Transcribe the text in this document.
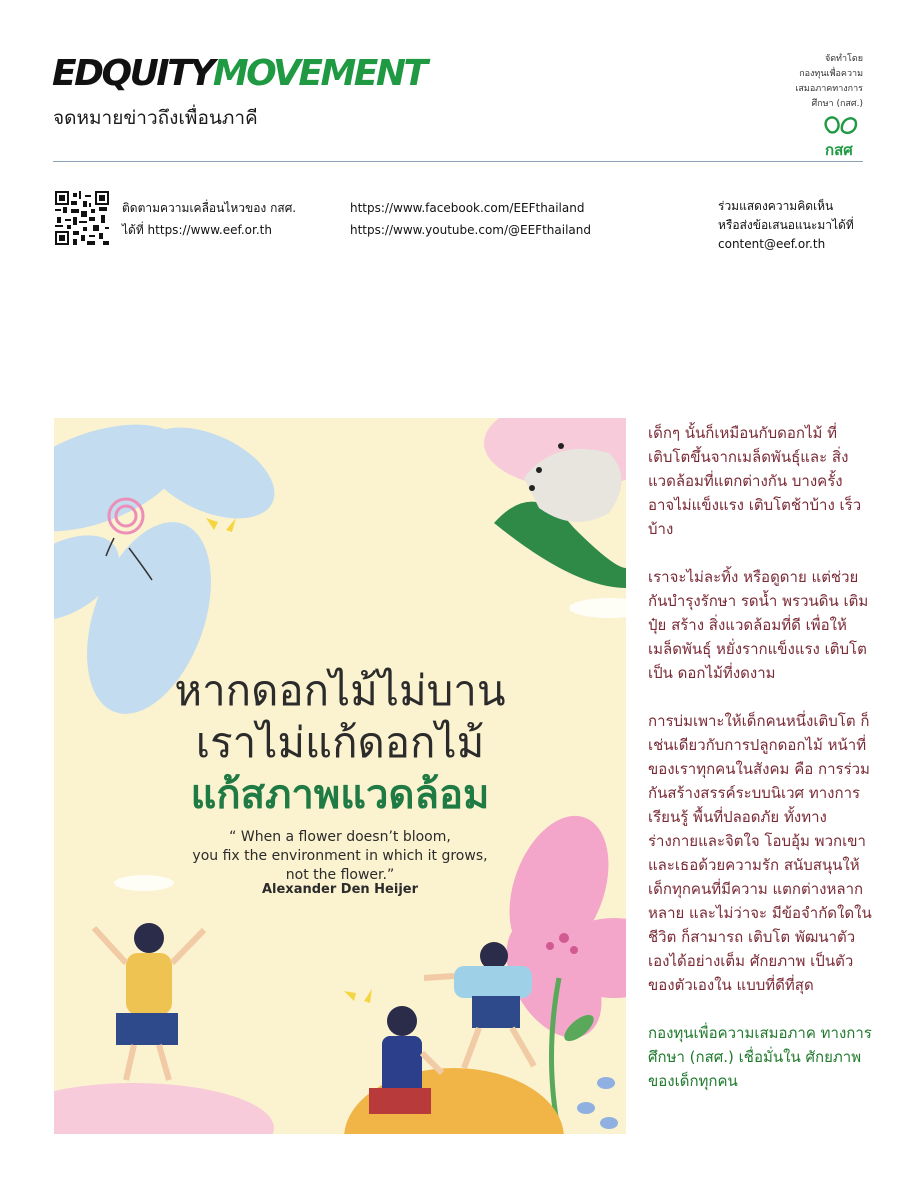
EDQUITYMOVEMENT
จดหมายข่าวถึงเพื่อนภาคี
จัดทำโดย
กองทุนเพื่อความ
เสมอภาคทางการ
ศึกษา (กสศ.)
กสศ
ติดตามความเคลื่อนไหวของ กสศ.
ได้ที่ https://www.eef.or.th
https://www.facebook.com/EEFthailand
https://www.youtube.com/@EEFthailand
ร่วมแสดงความคิดเห็น
หรือส่งข้อเสนอแนะมาได้ที่
content@eef.or.th
หากดอกไม้ไม่บาน
เราไม่แก้ดอกไม้
แก้สภาพแวดล้อม
“ When a flower doesn’t bloom,
you fix the environment in which it grows,
not the flower.”
Alexander Den Heijer

เด็กๆ นั้นก็เหมือนกับดอกไม้ ที่เติบโตขึ้นจากเมล็ดพันธุ์และ สิ่งแวดล้อมที่แตกต่างกัน บางครั้ง อาจไม่แข็งแรง เติบโตช้าบ้าง เร็วบ้าง

เราจะไม่ละทิ้ง หรือดูดาย แต่ช่วยกันบำรุงรักษา รดน้ำ พรวนดิน เติมปุ๋ย สร้าง สิ่งแวดล้อมที่ดี เพื่อให้เมล็ดพันธุ์ หยั่งรากแข็งแรง เติบโตเป็น ดอกไม้ที่งดงาม

การบ่มเพาะให้เด็กคนหนึ่งเติบโต ก็เช่นเดียวกับการปลูกดอกไม้ หน้าที่ของเราทุกคนในสังคม คือ การร่วมกันสร้างสรรค์ระบบนิเวศ ทางการเรียนรู้ พื้นที่ปลอดภัย ทั้งทางร่างกายและจิตใจ โอบอุ้ม พวกเขาและเธอด้วยความรัก สนับสนุนให้เด็กทุกคนที่มีความ แตกต่างหลากหลาย และไม่ว่าจะ มีข้อจำกัดใดในชีวิต ก็สามารถ เติบโต พัฒนาตัวเองได้อย่างเต็ม ศักยภาพ เป็นตัวของตัวเองใน แบบที่ดีที่สุด

กองทุนเพื่อความเสมอภาค ทางการศึกษา (กสศ.) เชื่อมั่นใน ศักยภาพของเด็กทุกคน
